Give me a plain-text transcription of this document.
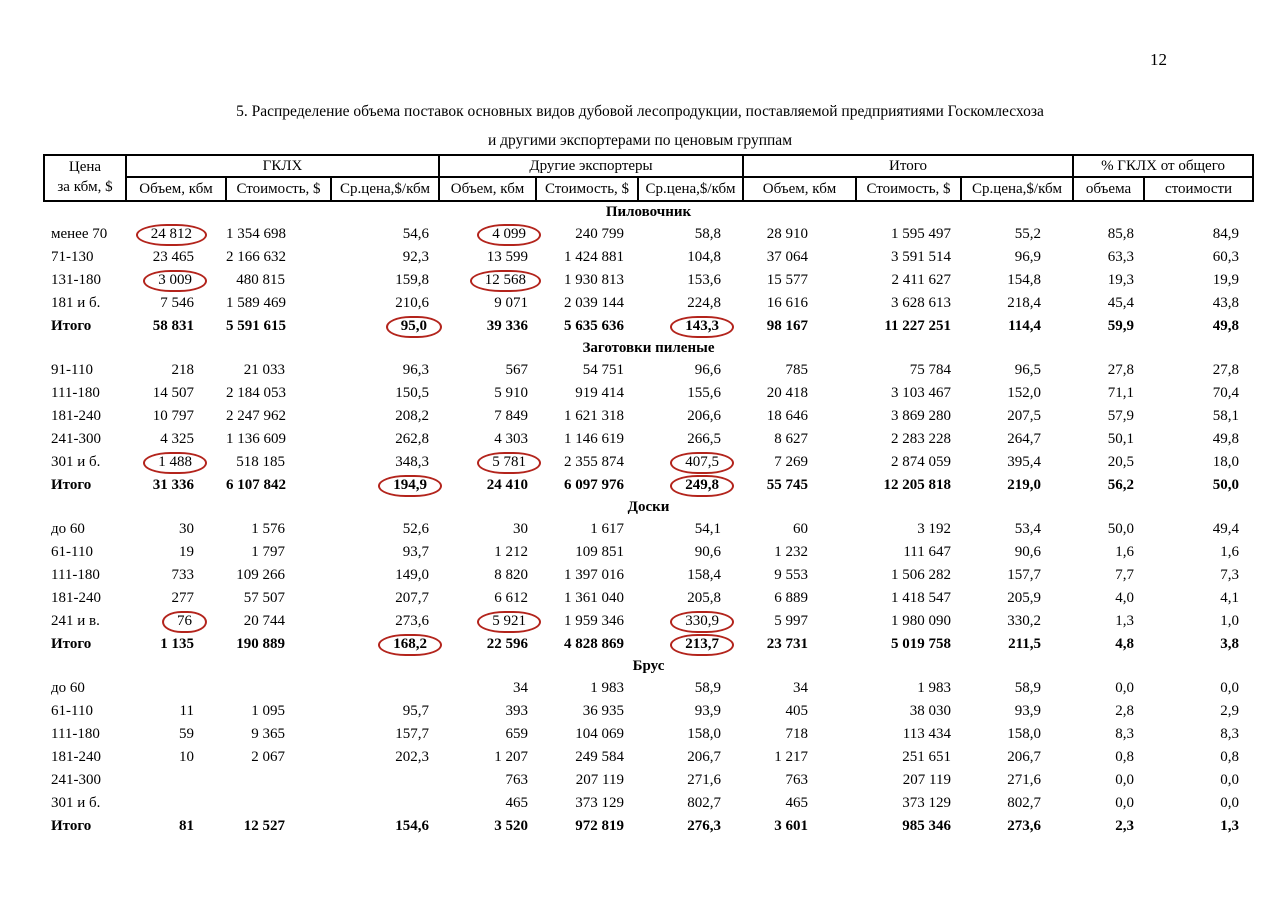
12
5. Распределение объема поставок основных видов дубовой лесопродукции, поставляемой предприятиями Госкомлесхоза
и другими экспортерами по ценовым группам
Цена
за кбм, $	ГКЛХ			Другие экспортеры			Итого			% ГКЛХ от общего	
	Объем, кбм	Стоимость, $	Ср.цена,$/кбм	Объем, кбм	Стоимость, $	Ср.цена,$/кбм	Объем, кбм	Стоимость, $	Ср.цена,$/кбм	объема	стоимости
Пиловочник											
менее 70	24 812	1 354 698	54,6	4 099	240 799	58,8	28 910	1 595 497	55,2	85,8	84,9
71-130	23 465	2 166 632	92,3	13 599	1 424 881	104,8	37 064	3 591 514	96,9	63,3	60,3
131-180	3 009	480 815	159,8	12 568	1 930 813	153,6	15 577	2 411 627	154,8	19,3	19,9
181 и б.	7 546	1 589 469	210,6	9 071	2 039 144	224,8	16 616	3 628 613	218,4	45,4	43,8
Итого	58 831	5 591 615	95,0	39 336	5 635 636	143,3	98 167	11 227 251	114,4	59,9	49,8
Заготовки пиленые											
91-110	218	21 033	96,3	567	54 751	96,6	785	75 784	96,5	27,8	27,8
111-180	14 507	2 184 053	150,5	5 910	919 414	155,6	20 418	3 103 467	152,0	71,1	70,4
181-240	10 797	2 247 962	208,2	7 849	1 621 318	206,6	18 646	3 869 280	207,5	57,9	58,1
241-300	4 325	1 136 609	262,8	4 303	1 146 619	266,5	8 627	2 283 228	264,7	50,1	49,8
301 и б.	1 488	518 185	348,3	5 781	2 355 874	407,5	7 269	2 874 059	395,4	20,5	18,0
Итого	31 336	6 107 842	194,9	24 410	6 097 976	249,8	55 745	12 205 818	219,0	56,2	50,0
Доски											
до 60	30	1 576	52,6	30	1 617	54,1	60	3 192	53,4	50,0	49,4
61-110	19	1 797	93,7	1 212	109 851	90,6	1 232	111 647	90,6	1,6	1,6
111-180	733	109 266	149,0	8 820	1 397 016	158,4	9 553	1 506 282	157,7	7,7	7,3
181-240	277	57 507	207,7	6 612	1 361 040	205,8	6 889	1 418 547	205,9	4,0	4,1
241 и в.	76	20 744	273,6	5 921	1 959 346	330,9	5 997	1 980 090	330,2	1,3	1,0
Итого	1 135	190 889	168,2	22 596	4 828 869	213,7	23 731	5 019 758	211,5	4,8	3,8
Брус											
до 60				34	1 983	58,9	34	1 983	58,9	0,0	0,0
61-110	11	1 095	95,7	393	36 935	93,9	405	38 030	93,9	2,8	2,9
111-180	59	9 365	157,7	659	104 069	158,0	718	113 434	158,0	8,3	8,3
181-240	10	2 067	202,3	1 207	249 584	206,7	1 217	251 651	206,7	0,8	0,8
241-300				763	207 119	271,6	763	207 119	271,6	0,0	0,0
301 и б.				465	373 129	802,7	465	373 129	802,7	0,0	0,0
Итого	81	12 527	154,6	3 520	972 819	276,3	3 601	985 346	273,6	2,3	1,3
